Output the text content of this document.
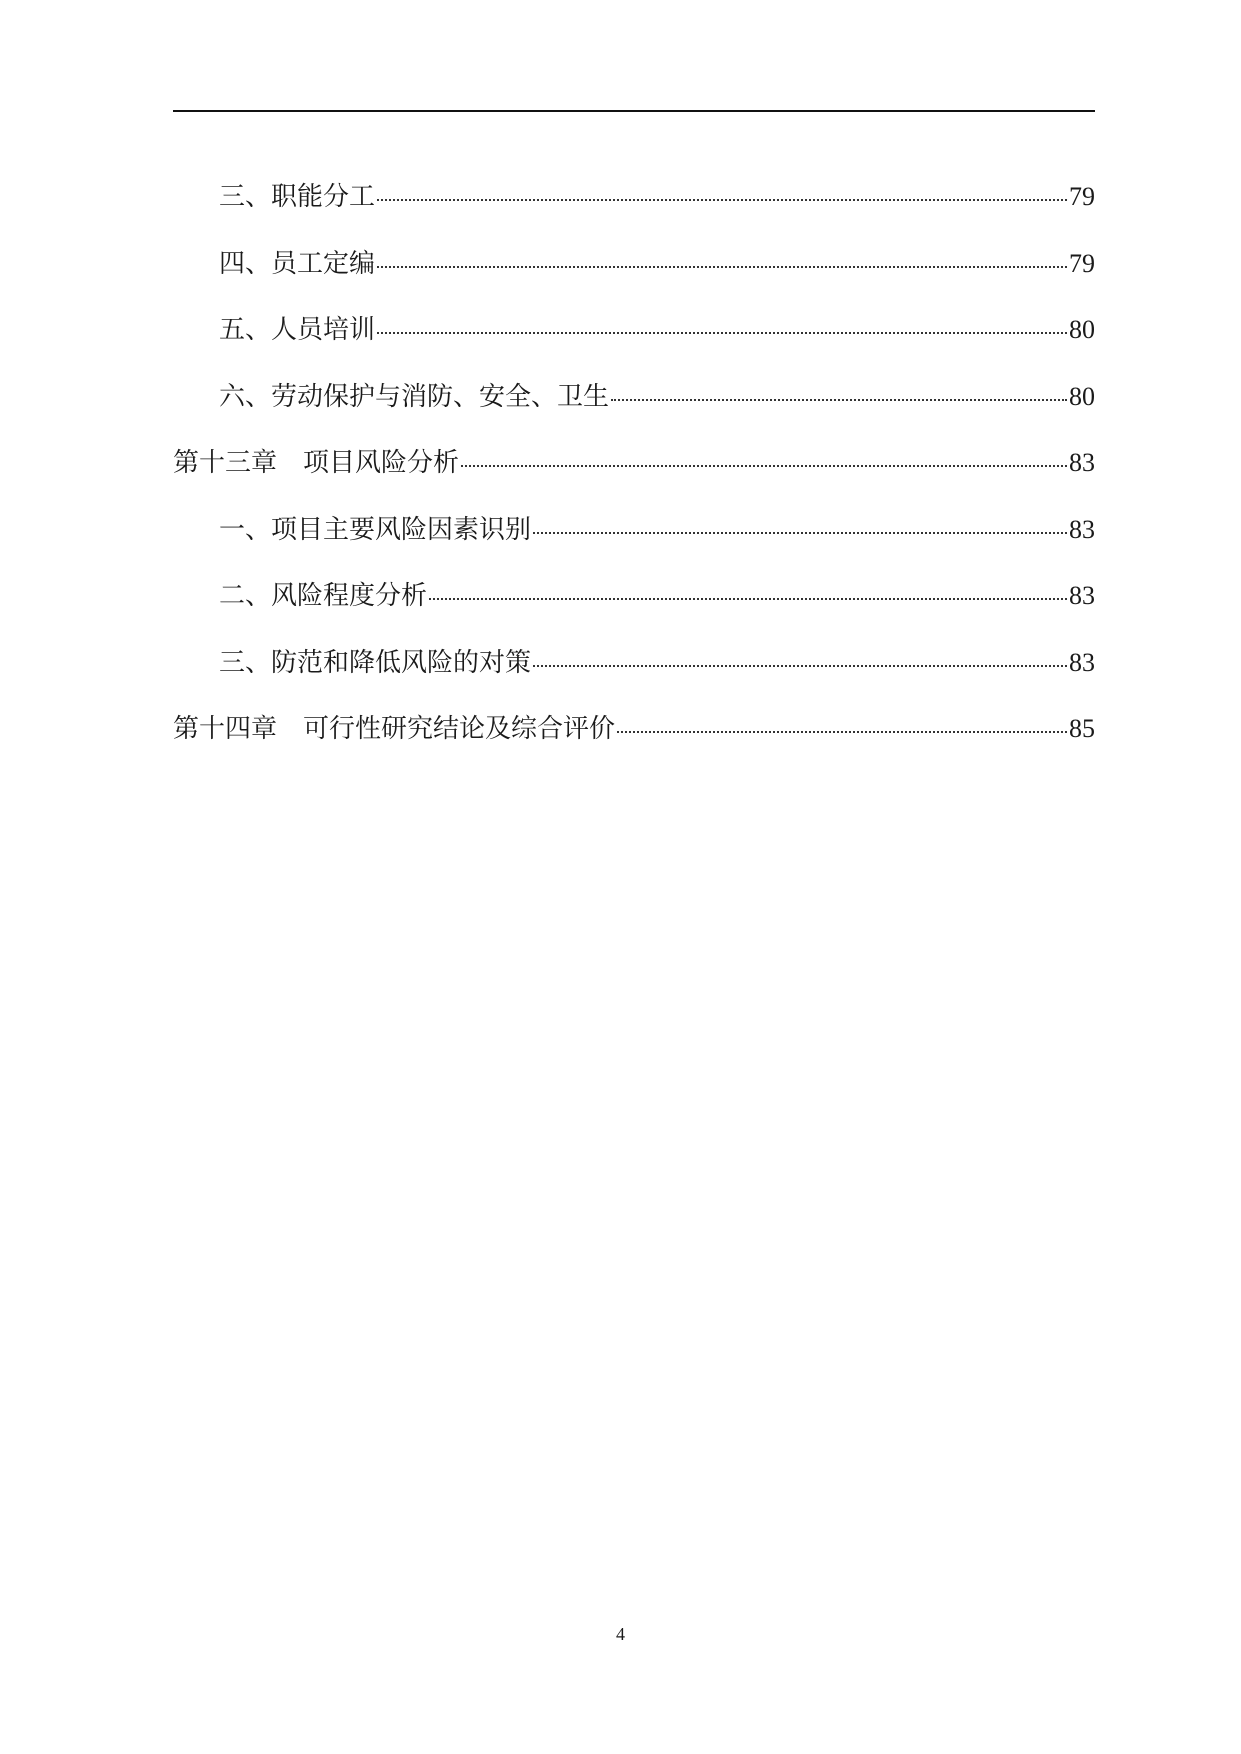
三、职能分工	79
四、员工定编	79
五、人员培训	80
六、劳动保护与消防、安全、卫生	80
第十三章　项目风险分析	83
一、项目主要风险因素识别	83
二、风险程度分析	83
三、防范和降低风险的对策	83
第十四章　可行性研究结论及综合评价	85
4
